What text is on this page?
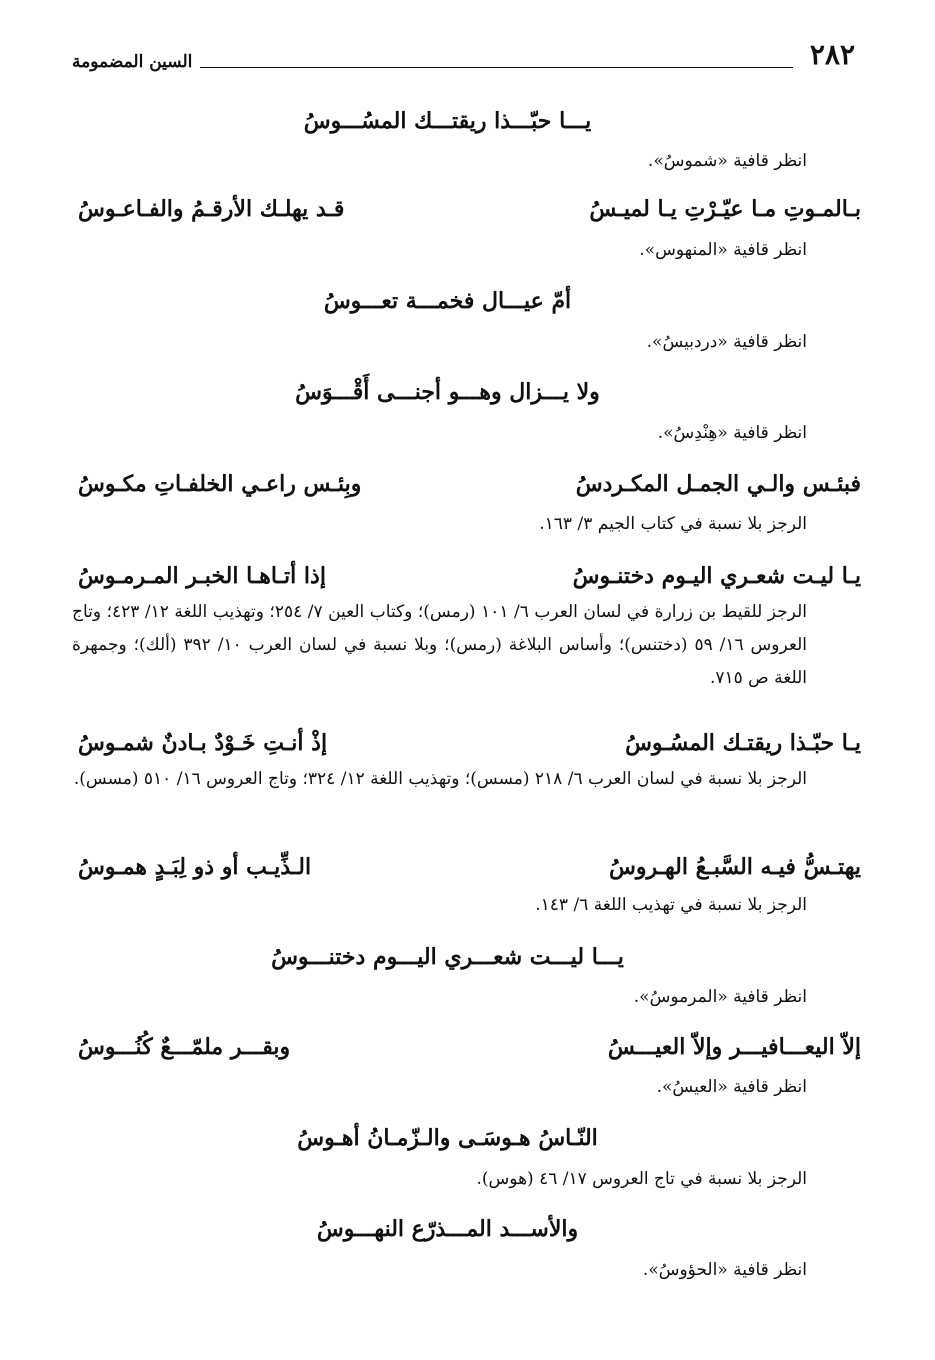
٢٨٢
السين المضمومة
يـــا حبّـــذا ريقتـــك المسُـــوسُ
انظر قافية «شموسُ».
بـالمـوتِ مـا عيّـرْتِ يـا لميـسُ
قـد يهلـك الأرقـمُ والفـاعـوسُ
انظر قافية «المنهوس».
أمّ عيـــال فخمـــة تعـــوسُ
انظر قافية «دردبيسُ».
ولا يـــزال وهـــو أجنـــى أَقْـــوَسُ
انظر قافية «هِنْدِسُ».
فبئـس والـي الجمـل المكـردسُ
وبِئـس راعـي الخلفـاتِ مكـوسُ
الرجز بلا نسبة في كتاب الجيم ٣/ ١٦٣.
يـا ليـت شعـري اليـوم دختنـوسُ
إذا أتـاهـا الخبـر المـرمـوسُ
الرجز للقيط بن زرارة في لسان العرب ٦/ ١٠١ (رمس)؛ وكتاب العين ٧/ ٢٥٤؛ وتهذيب اللغة ١٢/ ٤٢٣؛ وتاج العروس ١٦/ ٥٩ (دختنس)؛ وأساس البلاغة (رمس)؛ وبلا نسبة في لسان العرب ١٠/ ٣٩٢ (ألك)؛ وجمهرة اللغة ص ٧١٥.
يـا حبّـذا ريقتـك المسُـوسُ
إذْ أنـتِ خَـوْدٌ بـادنٌ شمـوسُ
الرجز بلا نسبة في لسان العرب ٦/ ٢١٨ (مسس)؛ وتهذيب اللغة ١٢/ ٣٢٤؛ وتاج العروس ١٦/ ٥١٠ (مسس).
يهتـسُّ فيـه السَّبـعُ الهـروسُ
الـذِّيـب أو ذو لِبَـدٍ همـوسُ
الرجز بلا نسبة في تهذيب اللغة ٦/ ١٤٣.
يـــا ليـــت شعـــري اليـــوم دختنـــوسُ
انظر قافية «المرموسُ».
إلاّ اليعـــافيـــر وإلاّ العيـــسُ
وبقـــر ملمّـــعٌ كُنُـــوسُ
انظر قافية «العيسُ».
النّـاسُ هـوسَـى والـزّمـانُ أهـوسُ
الرجز بلا نسبة في تاج العروس ١٧/ ٤٦ (هوس).
والأســـد المـــذرّع النهـــوسُ
انظر قافية «الحؤوسُ».
